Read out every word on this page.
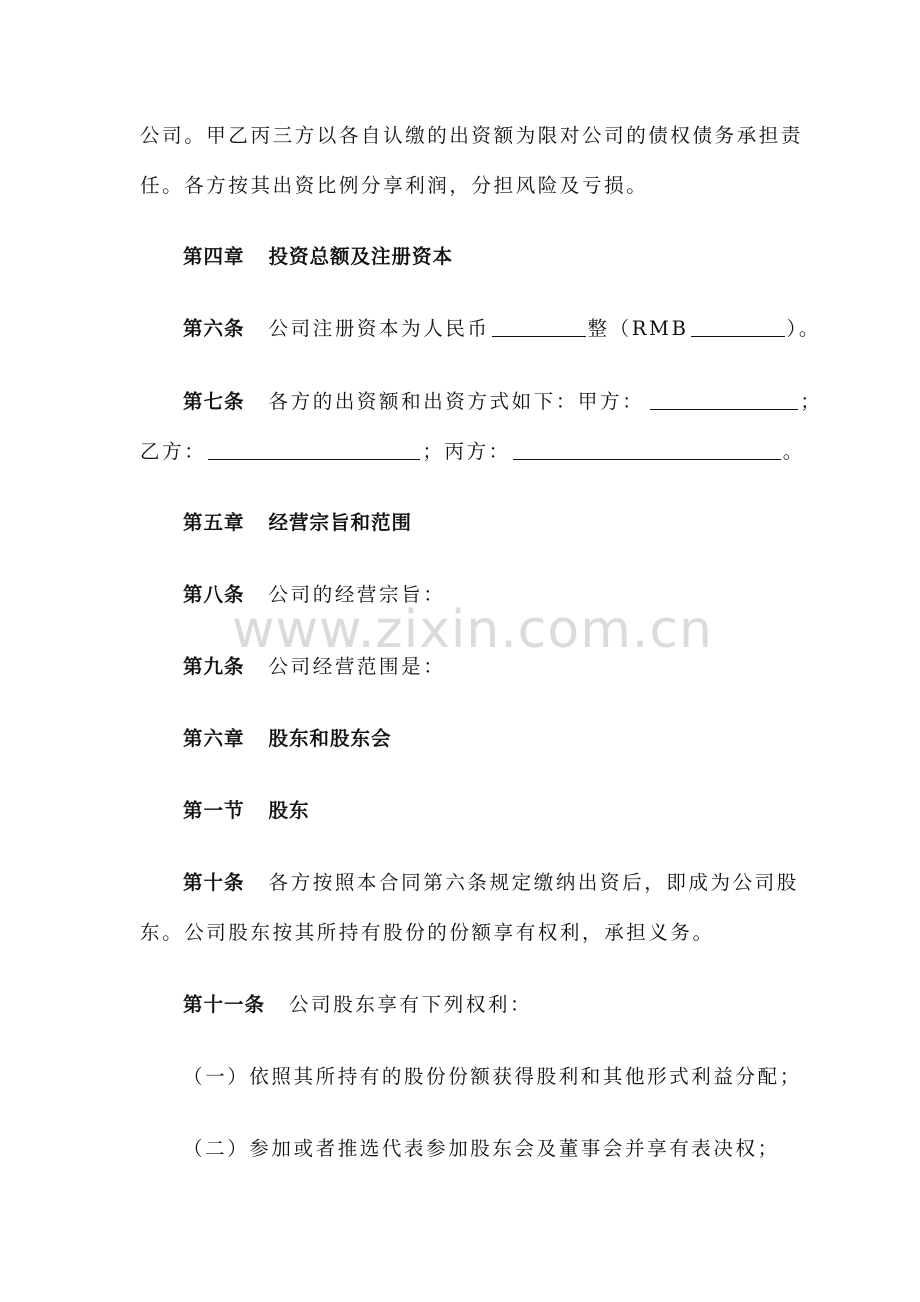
公司。甲乙丙三方以各自认缴的出资额为限对公司的债权债务承担责
任。各方按其出资比例分享利润，分担风险及亏损。
第四章 投资总额及注册资本
第六条 公司注册资本为人民币	整（RMB	）。
第七条 各方的出资额和出资方式如下：甲方：	；
乙方：	；丙方：	。
第五章 经营宗旨和范围
第八条 公司的经营宗旨：
第九条 公司经营范围是：
第六章 股东和股东会
第一节 股东
第十条 各方按照本合同第六条规定缴纳出资后，即成为公司股
东。公司股东按其所持有股份的份额享有权利，承担义务。
第十一条 公司股东享有下列权利：
（一）依照其所持有的股份份额获得股利和其他形式利益分配；
（二）参加或者推选代表参加股东会及董事会并享有表决权；
www.zixin.com.cn
